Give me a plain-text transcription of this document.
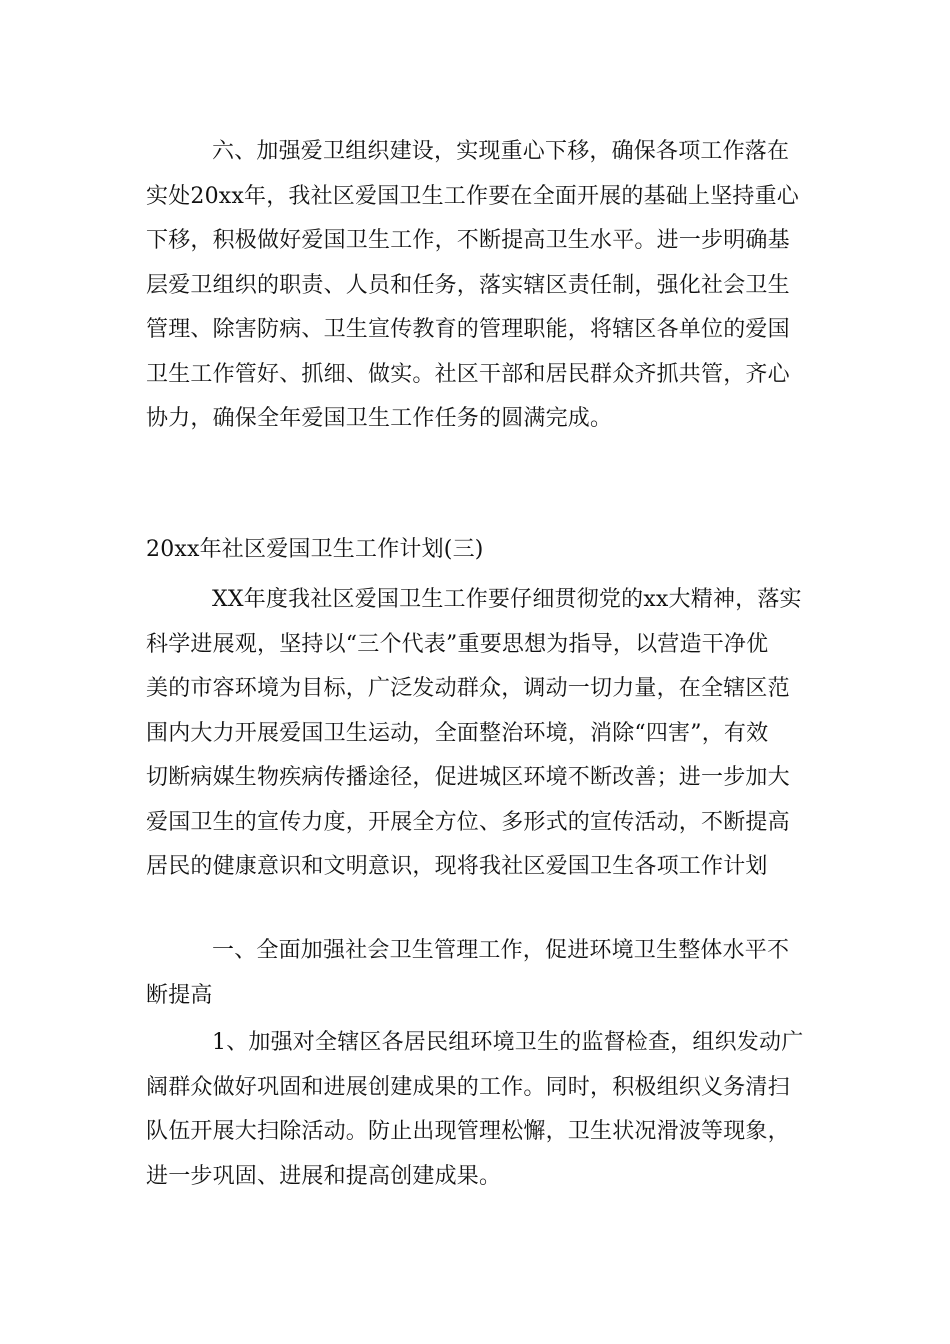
六、加强爱卫组织建设，实现重心下移，确保各项工作落在
实处20xx年，我社区爱国卫生工作要在全面开展的基础上坚持重心
下移，积极做好爱国卫生工作，不断提高卫生水平。进一步明确基
层爱卫组织的职责、人员和任务，落实辖区责任制，强化社会卫生
管理、除害防病、卫生宣传教育的管理职能，将辖区各单位的爱国
卫生工作管好、抓细、做实。社区干部和居民群众齐抓共管，齐心
协力，确保全年爱国卫生工作任务的圆满完成。
20xx年社区爱国卫生工作计划(三)
XX年度我社区爱国卫生工作要仔细贯彻党的xx大精神，落实
科学进展观，坚持以“三个代表”重要思想为指导，以营造干净优
美的市容环境为目标，广泛发动群众，调动一切力量，在全辖区范
围内大力开展爱国卫生运动，全面整治环境，消除“四害”，有效
切断病媒生物疾病传播途径，促进城区环境不断改善；进一步加大
爱国卫生的宣传力度，开展全方位、多形式的宣传活动，不断提高
居民的健康意识和文明意识，现将我社区爱国卫生各项工作计划
一、全面加强社会卫生管理工作，促进环境卫生整体水平不
断提高
1、加强对全辖区各居民组环境卫生的监督检查，组织发动广
阔群众做好巩固和进展创建成果的工作。同时，积极组织义务清扫
队伍开展大扫除活动。防止出现管理松懈，卫生状况滑波等现象，
进一步巩固、进展和提高创建成果。
